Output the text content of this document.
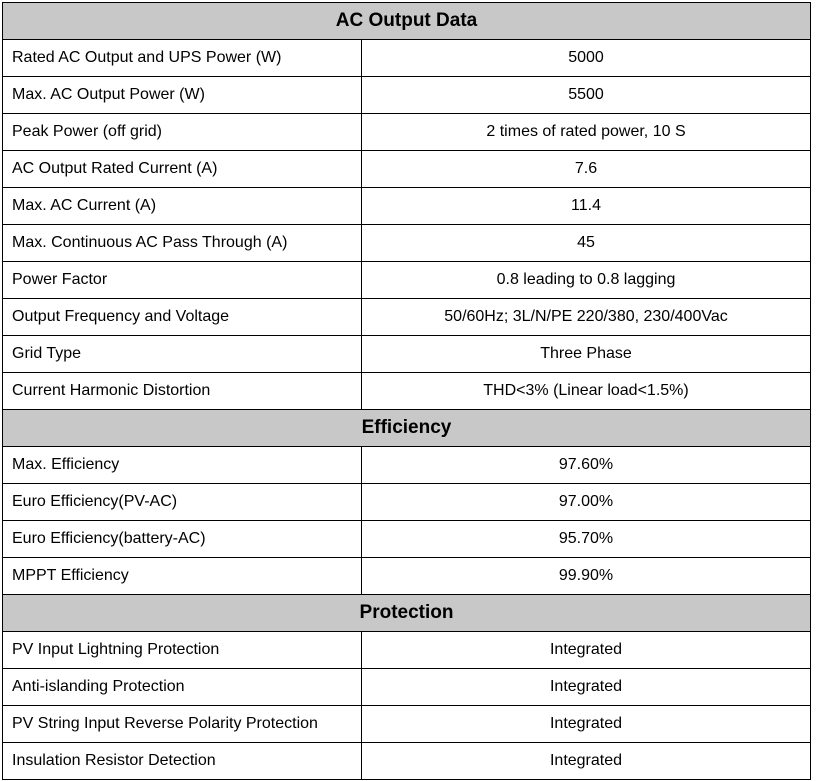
AC Output Data	
Rated AC Output and UPS Power (W)	5000
Max. AC Output Power (W)	5500
Peak Power (off grid)	2 times of rated power, 10 S
AC Output Rated Current (A)	7.6
Max. AC Current (A)	11.4
Max. Continuous AC Pass Through (A)	45
Power Factor	0.8 leading to 0.8 lagging
Output Frequency and Voltage	50/60Hz; 3L/N/PE 220/380, 230/400Vac
Grid Type	Three Phase
Current Harmonic Distortion	THD<3% (Linear load<1.5%)
Efficiency	
Max. Efficiency	97.60%
Euro Efficiency(PV-AC)	97.00%
Euro Efficiency(battery-AC)	95.70%
MPPT Efficiency	99.90%
Protection	
PV Input Lightning Protection	Integrated
Anti-islanding Protection	Integrated
PV String Input Reverse Polarity Protection	Integrated
Insulation Resistor Detection	Integrated
